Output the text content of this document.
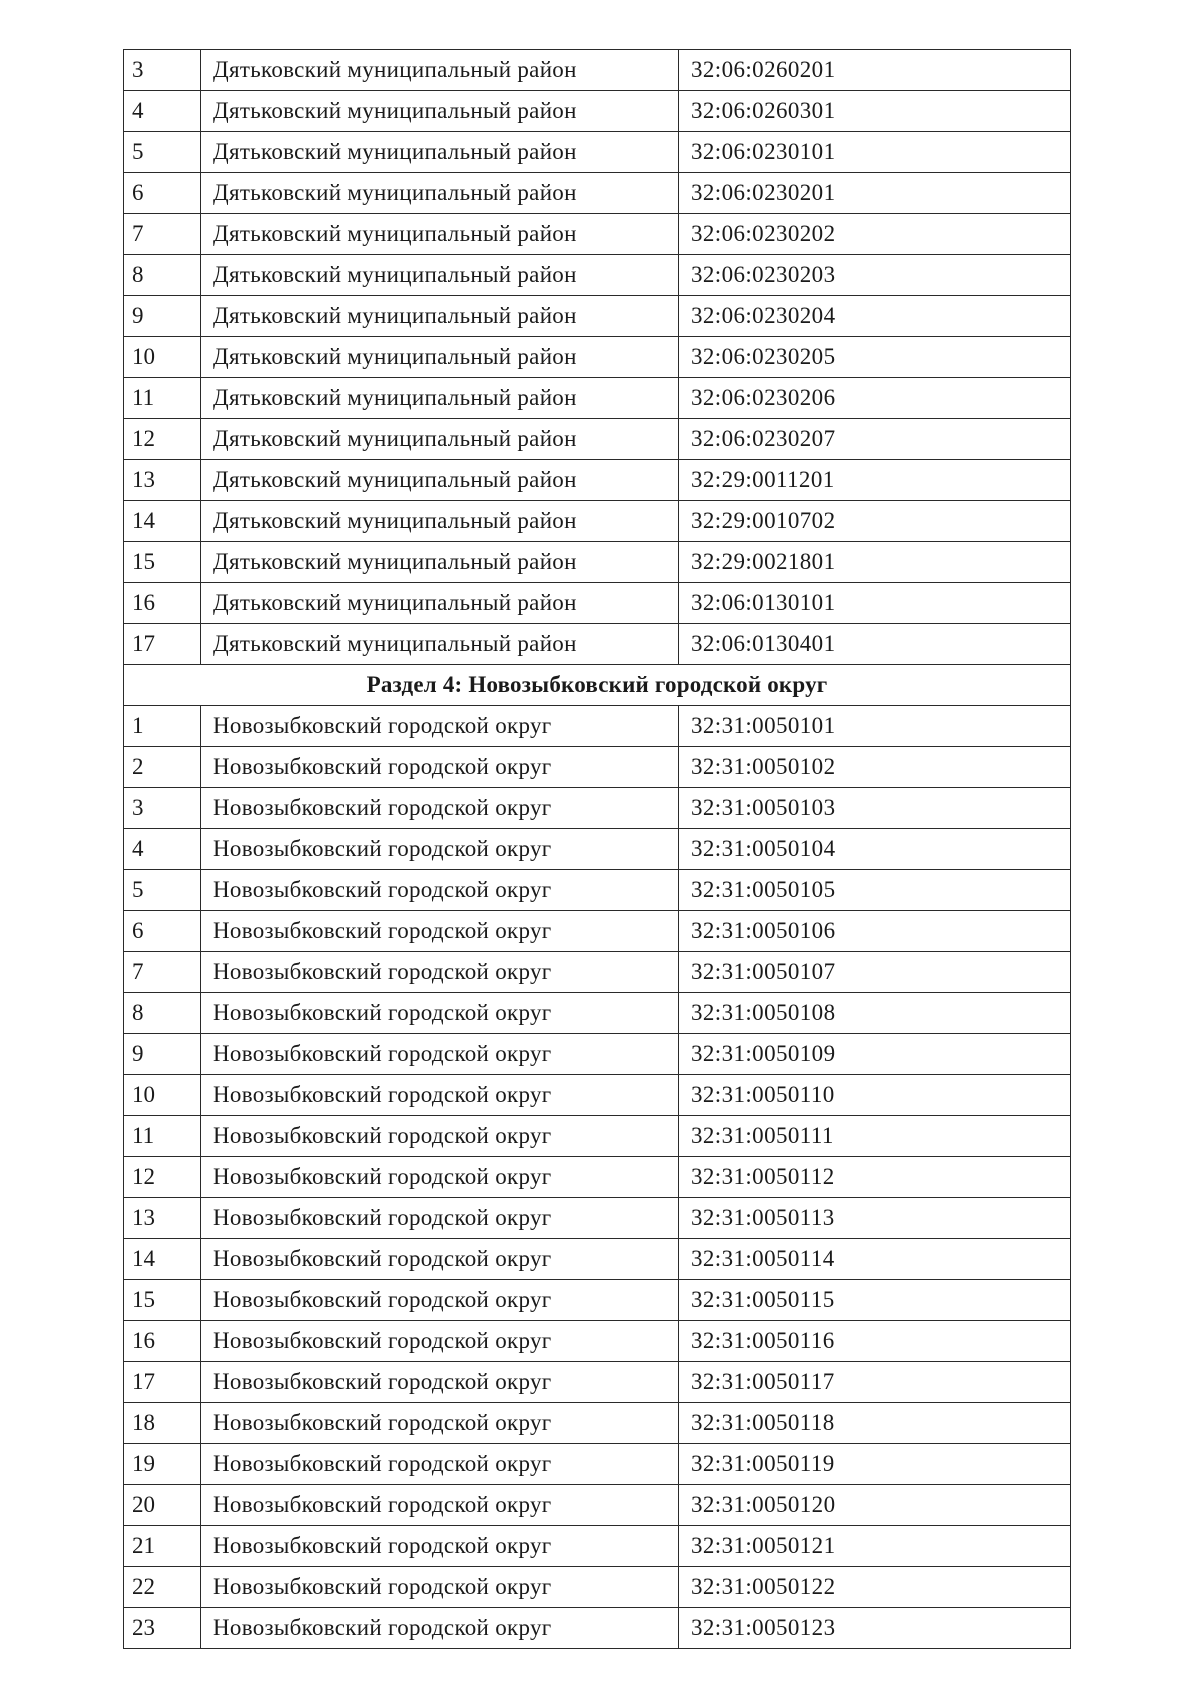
3	Дятьковский муниципальный район	32:06:0260201
4	Дятьковский муниципальный район	32:06:0260301
5	Дятьковский муниципальный район	32:06:0230101
6	Дятьковский муниципальный район	32:06:0230201
7	Дятьковский муниципальный район	32:06:0230202
8	Дятьковский муниципальный район	32:06:0230203
9	Дятьковский муниципальный район	32:06:0230204
10	Дятьковский муниципальный район	32:06:0230205
11	Дятьковский муниципальный район	32:06:0230206
12	Дятьковский муниципальный район	32:06:0230207
13	Дятьковский муниципальный район	32:29:0011201
14	Дятьковский муниципальный район	32:29:0010702
15	Дятьковский муниципальный район	32:29:0021801
16	Дятьковский муниципальный район	32:06:0130101
17	Дятьковский муниципальный район	32:06:0130401
Раздел 4: Новозыбковский городской округ		
1	Новозыбковский городской округ	32:31:0050101
2	Новозыбковский городской округ	32:31:0050102
3	Новозыбковский городской округ	32:31:0050103
4	Новозыбковский городской округ	32:31:0050104
5	Новозыбковский городской округ	32:31:0050105
6	Новозыбковский городской округ	32:31:0050106
7	Новозыбковский городской округ	32:31:0050107
8	Новозыбковский городской округ	32:31:0050108
9	Новозыбковский городской округ	32:31:0050109
10	Новозыбковский городской округ	32:31:0050110
11	Новозыбковский городской округ	32:31:0050111
12	Новозыбковский городской округ	32:31:0050112
13	Новозыбковский городской округ	32:31:0050113
14	Новозыбковский городской округ	32:31:0050114
15	Новозыбковский городской округ	32:31:0050115
16	Новозыбковский городской округ	32:31:0050116
17	Новозыбковский городской округ	32:31:0050117
18	Новозыбковский городской округ	32:31:0050118
19	Новозыбковский городской округ	32:31:0050119
20	Новозыбковский городской округ	32:31:0050120
21	Новозыбковский городской округ	32:31:0050121
22	Новозыбковский городской округ	32:31:0050122
23	Новозыбковский городской округ	32:31:0050123
